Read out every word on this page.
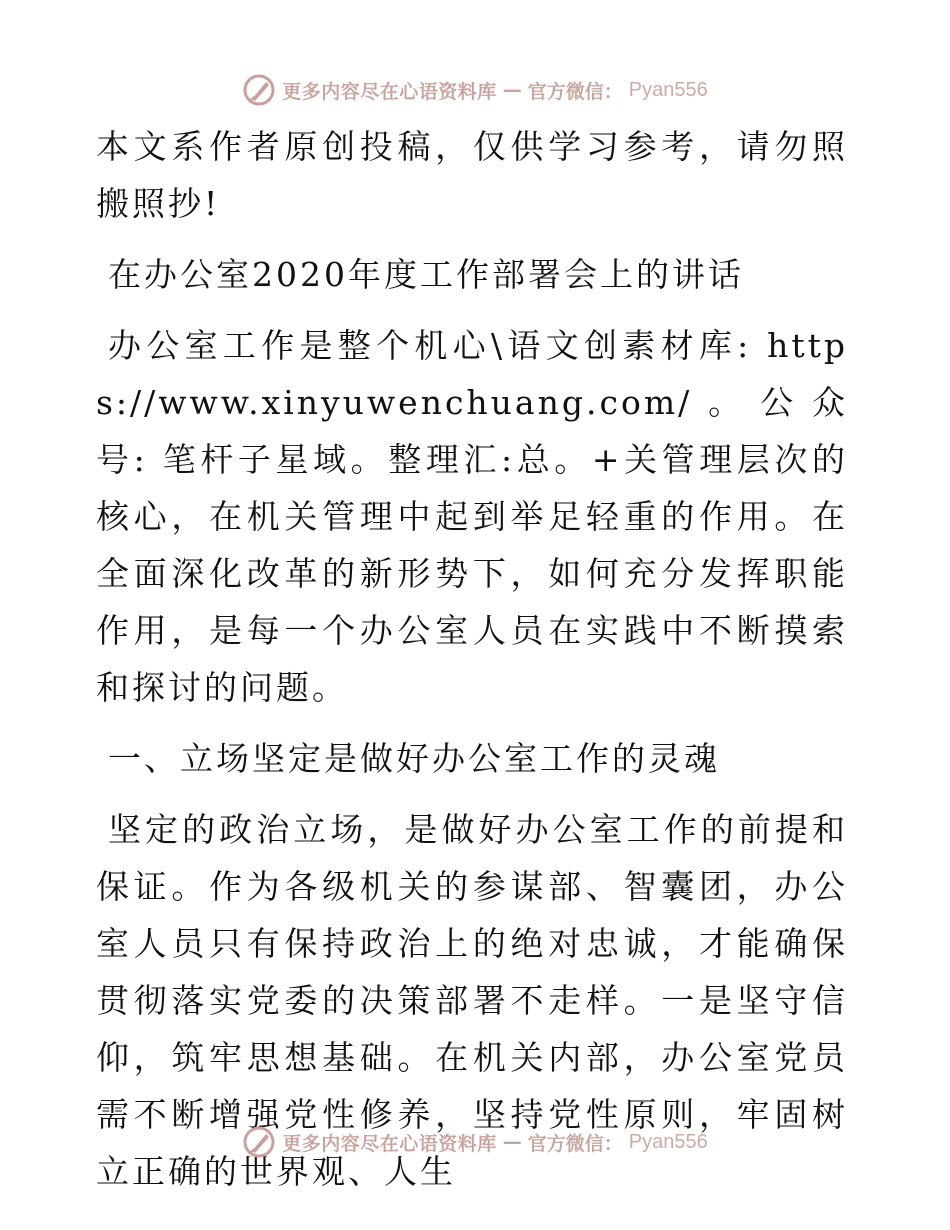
更多内容尽在心语资料库 — 官方微信： Pyan556

本文系作者原创投稿，仅供学习参考，请勿照搬照抄!

在办公室2020年度工作部署会上的讲话

办公室工作是整个机心\语文创素材库: https://www.xinyuwenchuang.com/。公众号: 笔杆子星域。整理汇:总。+关管理层次的核心，在机关管理中起到举足轻重的作用。在全面深化改革的新形势下，如何充分发挥职能作用，是每一个办公室人员在实践中不断摸索和探讨的问题。

一、立场坚定是做好办公室工作的灵魂

坚定的政治立场，是做好办公室工作的前提和保证。作为各级机关的参谋部、智囊团，办公室人员只有保持政治上的绝对忠诚，才能确保贯彻落实党委的决策部署不走样。一是坚守信仰，筑牢思想基础。在机关内部，办公室党员需不断增强党性修养，坚持党性原则，牢固树立正确的世界观、人生

更多内容尽在心语资料库 — 官方微信： Pyan556
